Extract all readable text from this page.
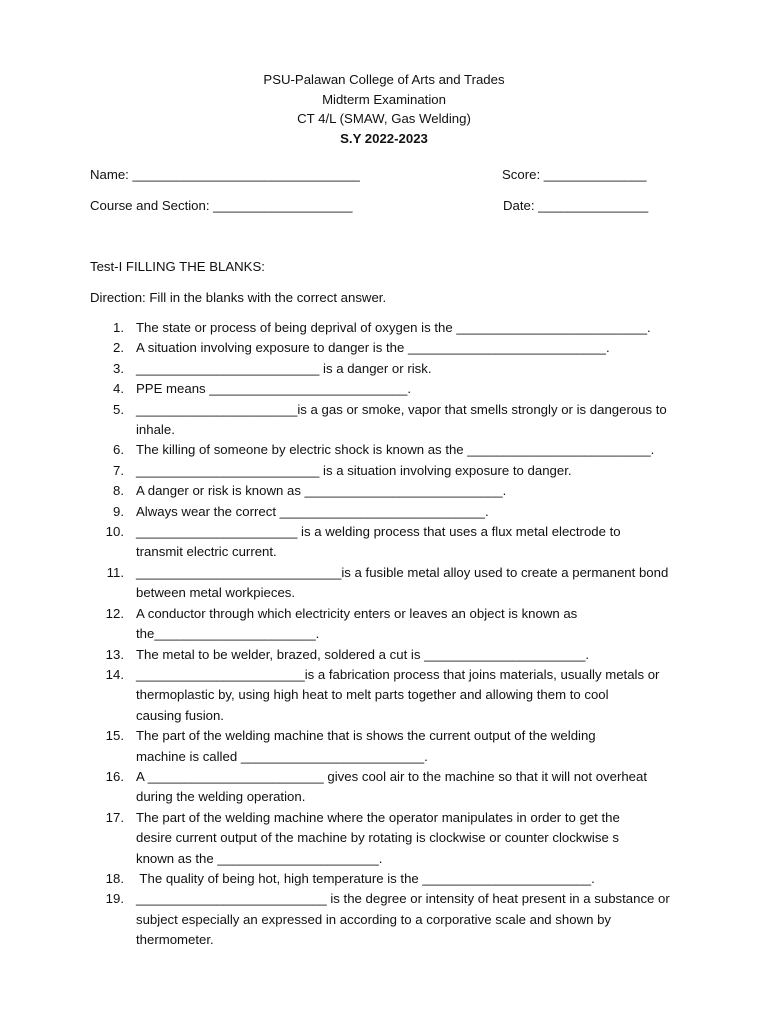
PSU-Palawan College of Arts and Trades
Midterm Examination
CT 4/L (SMAW, Gas Welding)
S.Y 2022-2023
Name: _______________________________	Score: ______________
Course and Section: ___________________	Date: _______________
Test-I FILLING THE BLANKS:
Direction: Fill in the blanks with the correct answer.
1. The state or process of being deprival of oxygen is the __________________________.
2. A situation involving exposure to danger is the ___________________________.
3. _________________________ is a danger or risk.
4. PPE means ___________________________.
5. ______________________is a gas or smoke, vapor that smells strongly or is dangerous to
inhale.
6. The killing of someone by electric shock is known as the _________________________.
7. _________________________ is a situation involving exposure to danger.
8. A danger or risk is known as ___________________________.
9. Always wear the correct ____________________________.
10. ______________________ is a welding process that uses a flux metal electrode to
transmit electric current.
11. ____________________________is a fusible metal alloy used to create a permanent bond
between metal workpieces.
12. A conductor through which electricity enters or leaves an object is known as
the______________________.
13. The metal to be welder, brazed, soldered a cut is ______________________.
14. _______________________is a fabrication process that joins materials, usually metals or
thermoplastic by, using high heat to melt parts together and allowing them to cool
causing fusion.
15. The part of the welding machine that is shows the current output of the welding
machine is called _________________________.
16. A ________________________ gives cool air to the machine so that it will not overheat
during the welding operation.
17. The part of the welding machine where the operator manipulates in order to get the
desire current output of the machine by rotating is clockwise or counter clockwise s
known as the ______________________.
18. The quality of being hot, high temperature is the _______________________.
19. __________________________ is the degree or intensity of heat present in a substance or
subject especially an expressed in according to a corporative scale and shown by
thermometer.
